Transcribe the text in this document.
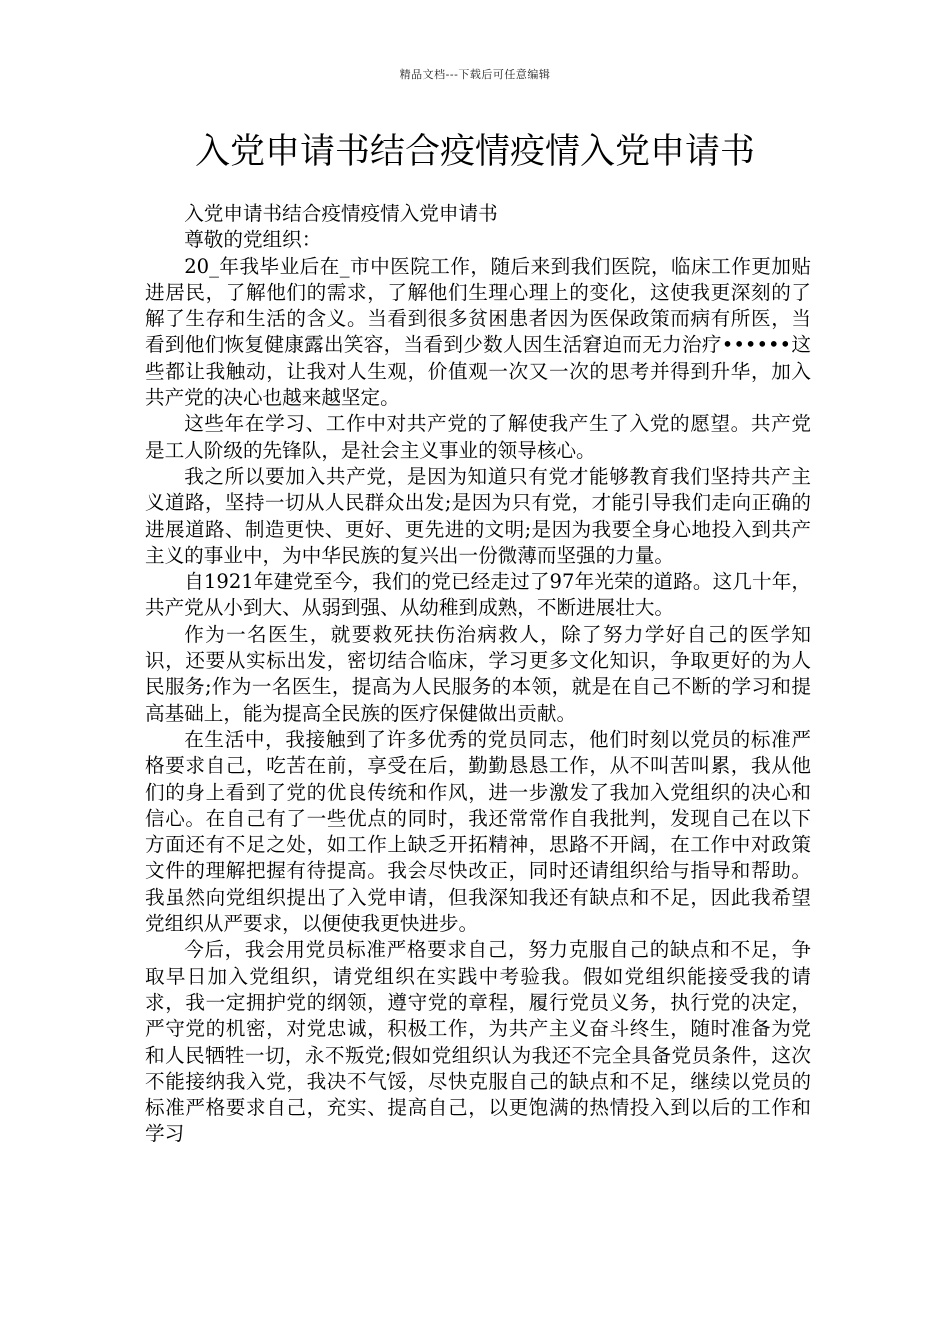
精品文档---下载后可任意编辑
入党申请书结合疫情疫情入党申请书

入党申请书结合疫情疫情入党申请书

尊敬的党组织：

20_年我毕业后在_市中医院工作，随后来到我们医院，临床工作更加贴进居民，了解他们的需求，了解他们生理心理上的变化，这使我更深刻的了解了生存和生活的含义。当看到很多贫困患者因为医保政策而病有所医，当看到他们恢复健康露出笑容，当看到少数人因生活窘迫而无力治疗••••••这些都让我触动，让我对人生观，价值观一次又一次的思考并得到升华，加入共产党的决心也越来越坚定。

这些年在学习、工作中对共产党的了解使我产生了入党的愿望。共产党是工人阶级的先锋队，是社会主义事业的领导核心。

我之所以要加入共产党，是因为知道只有党才能够教育我们坚持共产主义道路，坚持一切从人民群众出发;是因为只有党，才能引导我们走向正确的进展道路、制造更快、更好、更先进的文明;是因为我要全身心地投入到共产主义的事业中，为中华民族的复兴出一份微薄而坚强的力量。

自1921年建党至今，我们的党已经走过了97年光荣的道路。这几十年，共产党从小到大、从弱到强、从幼稚到成熟，不断进展壮大。

作为一名医生，就要救死扶伤治病救人，除了努力学好自己的医学知识，还要从实标出发，密切结合临床，学习更多文化知识，争取更好的为人民服务;作为一名医生，提高为人民服务的本领，就是在自己不断的学习和提高基础上，能为提高全民族的医疗保健做出贡献。

在生活中，我接触到了许多优秀的党员同志，他们时刻以党员的标准严格要求自己，吃苦在前，享受在后，勤勤恳恳工作，从不叫苦叫累，我从他们的身上看到了党的优良传统和作风，进一步激发了我加入党组织的决心和信心。在自己有了一些优点的同时，我还常常作自我批判，发现自己在以下方面还有不足之处，如工作上缺乏开拓精神，思路不开阔，在工作中对政策文件的理解把握有待提高。我会尽快改正，同时还请组织给与指导和帮助。我虽然向党组织提出了入党申请，但我深知我还有缺点和不足，因此我希望党组织从严要求，以便使我更快进步。

今后，我会用党员标准严格要求自己，努力克服自己的缺点和不足，争取早日加入党组织，请党组织在实践中考验我。假如党组织能接受我的请求，我一定拥护党的纲领，遵守党的章程，履行党员义务，执行党的决定，严守党的机密，对党忠诚，积极工作，为共产主义奋斗终生，随时准备为党和人民牺牲一切，永不叛党;假如党组织认为我还不完全具备党员条件，这次不能接纳我入党，我决不气馁，尽快克服自己的缺点和不足，继续以党员的标准严格要求自己，充实、提高自己，以更饱满的热情投入到以后的工作和学习
